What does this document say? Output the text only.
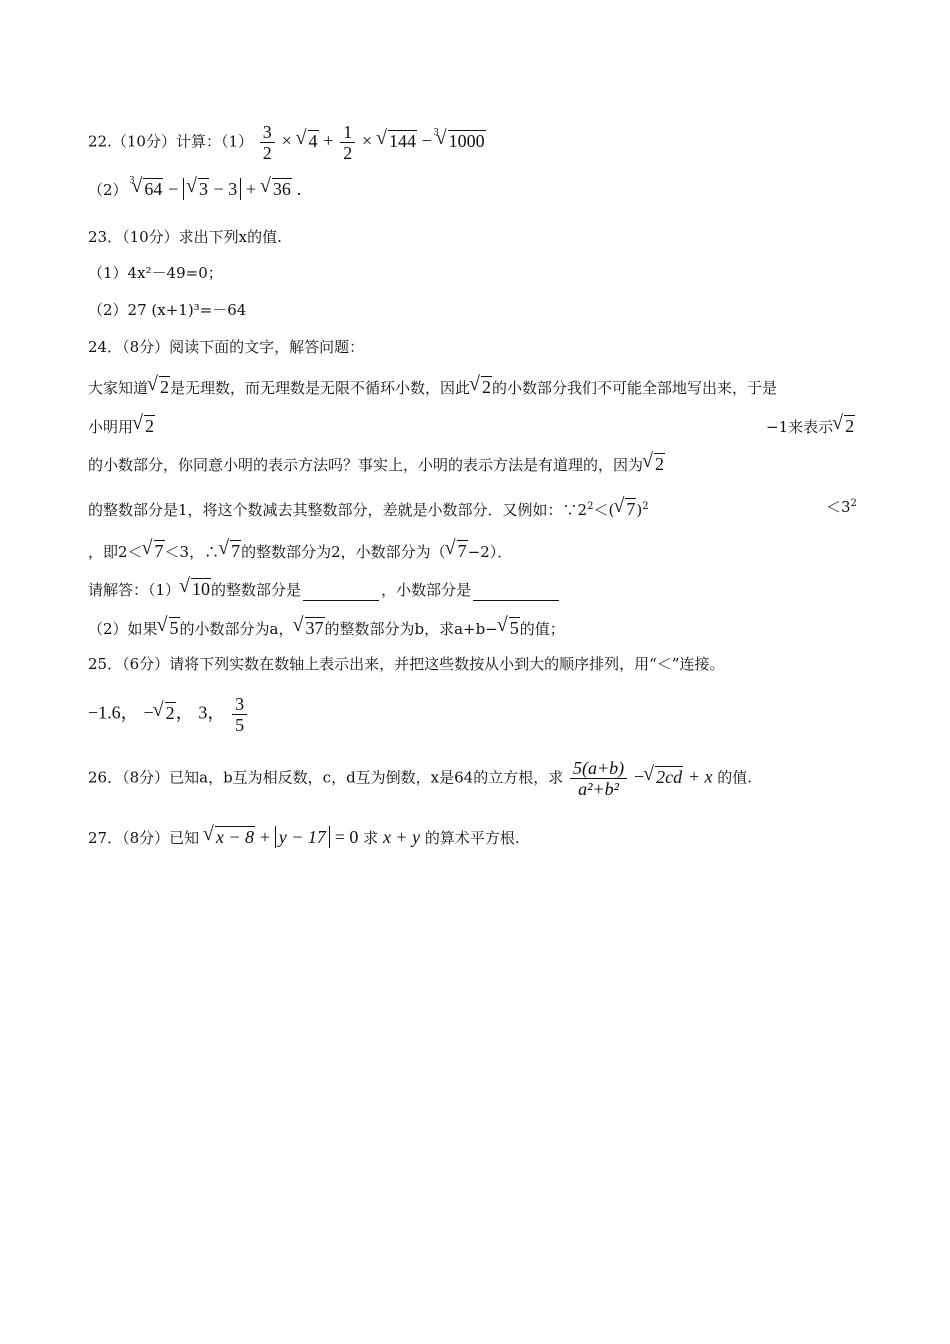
22.（10分）计算：$(1) \frac{3}{2}$ × √ $4 + \frac{1}{2}$ × √ 144 −
√ 3 1000
（2）
√ 3 64 − √ 3 − 3 + √ 36 .
23．（10分）求出下列x的值.
（1）4x²－49=0；
（2）27 (x+1)³=－64
24．（8分）阅读下面的文字，解答问题：
大家知道√ 2是无理数，而无理数是无限不循环小数，因此√ 2的小数部分我们不可能全部地写出来，于是
小明用√ 2	−1来表示√ 2
的小数部分，你同意小明的表示方法吗？事实上，小明的表示方法是有道理的，因为√ 2
的整数部分是1，将这个数减去其整数部分，差就是小数部分．又例如：$\because 2^2<(√$ 7)$^2$	$<3^2$
，即2＜√ 7＜3，∴√ 7的整数部分为2，小数部分为（√ 7−2）．
请解答：（1）√ 10的整数部分是	，小数部分是
（2）如果√ 5的小数部分为a，√ 37的整数部分为b，求a+b−√ 5的值；
25．（6分）请将下列实数在数轴上表示出来，并把这些数按从小到大的顺序排列，用“＜”连接。
−1.6， −√ 2， 3， $\frac{3}{5}$
26．（8分）已知a，b互为相反数，c，d互为倒数，x是64的立方根，求 $\frac{5(a+b)}{\text{a²+b²}}$ −√ 2cd + x 的值.
27．（8分）已知 √ x − 8 + y − 17 = 0 求 x + y 的算术平方根.
